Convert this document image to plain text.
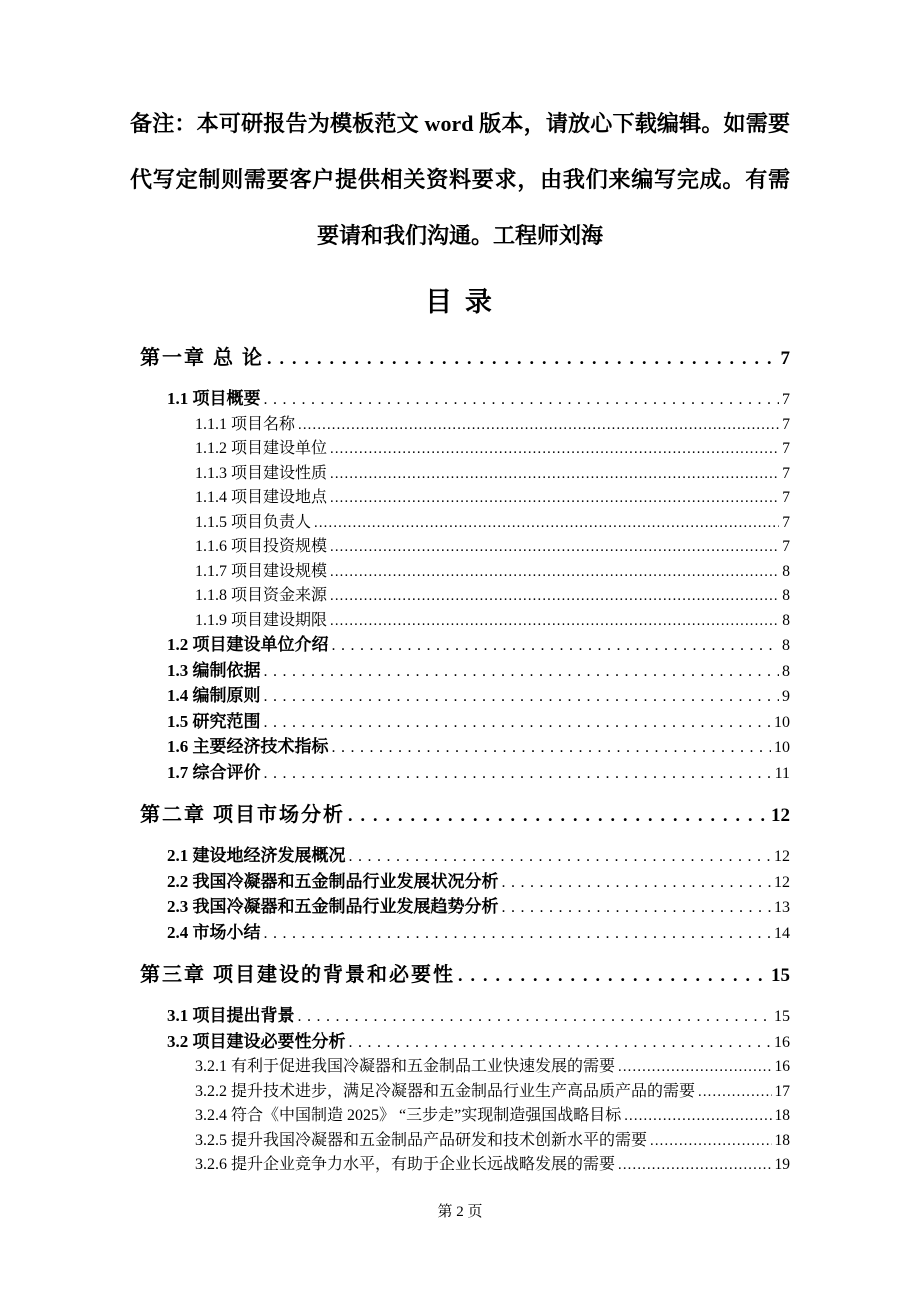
备注：本可研报告为模板范文 word 版本，请放心下载编辑。如需要
代写定制则需要客户提供相关资料要求，由我们来编写完成。有需
要请和我们沟通。工程师刘海
目 录
第一章 总 论 .....	7
1.1 项目概要 .....	7
1.1.1 项目名称 .....	7
1.1.2 项目建设单位 .....	7
1.1.3 项目建设性质 .....	7
1.1.4 项目建设地点 .....	7
1.1.5 项目负责人 .....	7
1.1.6 项目投资规模 .....	7
1.1.7 项目建设规模 .....	8
1.1.8 项目资金来源 .....	8
1.1.9 项目建设期限 .....	8
1.2 项目建设单位介绍 .....	8
1.3 编制依据 .....	8
1.4 编制原则 .....	9
1.5 研究范围 .....	10
1.6 主要经济技术指标 .....	10
1.7 综合评价 .....	11
第二章 项目市场分析 .....	12
2.1 建设地经济发展概况 .....	12
2.2 我国冷凝器和五金制品行业发展状况分析 .....	12
2.3 我国冷凝器和五金制品行业发展趋势分析 .....	13
2.4 市场小结 .....	14
第三章 项目建设的背景和必要性 .....	15
3.1 项目提出背景 .....	15
3.2 项目建设必要性分析 .....	16
3.2.1 有利于促进我国冷凝器和五金制品工业快速发展的需要 .....	16
3.2.2 提升技术进步，满足冷凝器和五金制品行业生产高品质产品的需要 .....	17
3.2.4 符合《中国制造 2025》 “三步走”实现制造强国战略目标 .....	18
3.2.5 提升我国冷凝器和五金制品产品研发和技术创新水平的需要 .....	18
3.2.6 提升企业竞争力水平，有助于企业长远战略发展的需要 .....	19
第 2 页
